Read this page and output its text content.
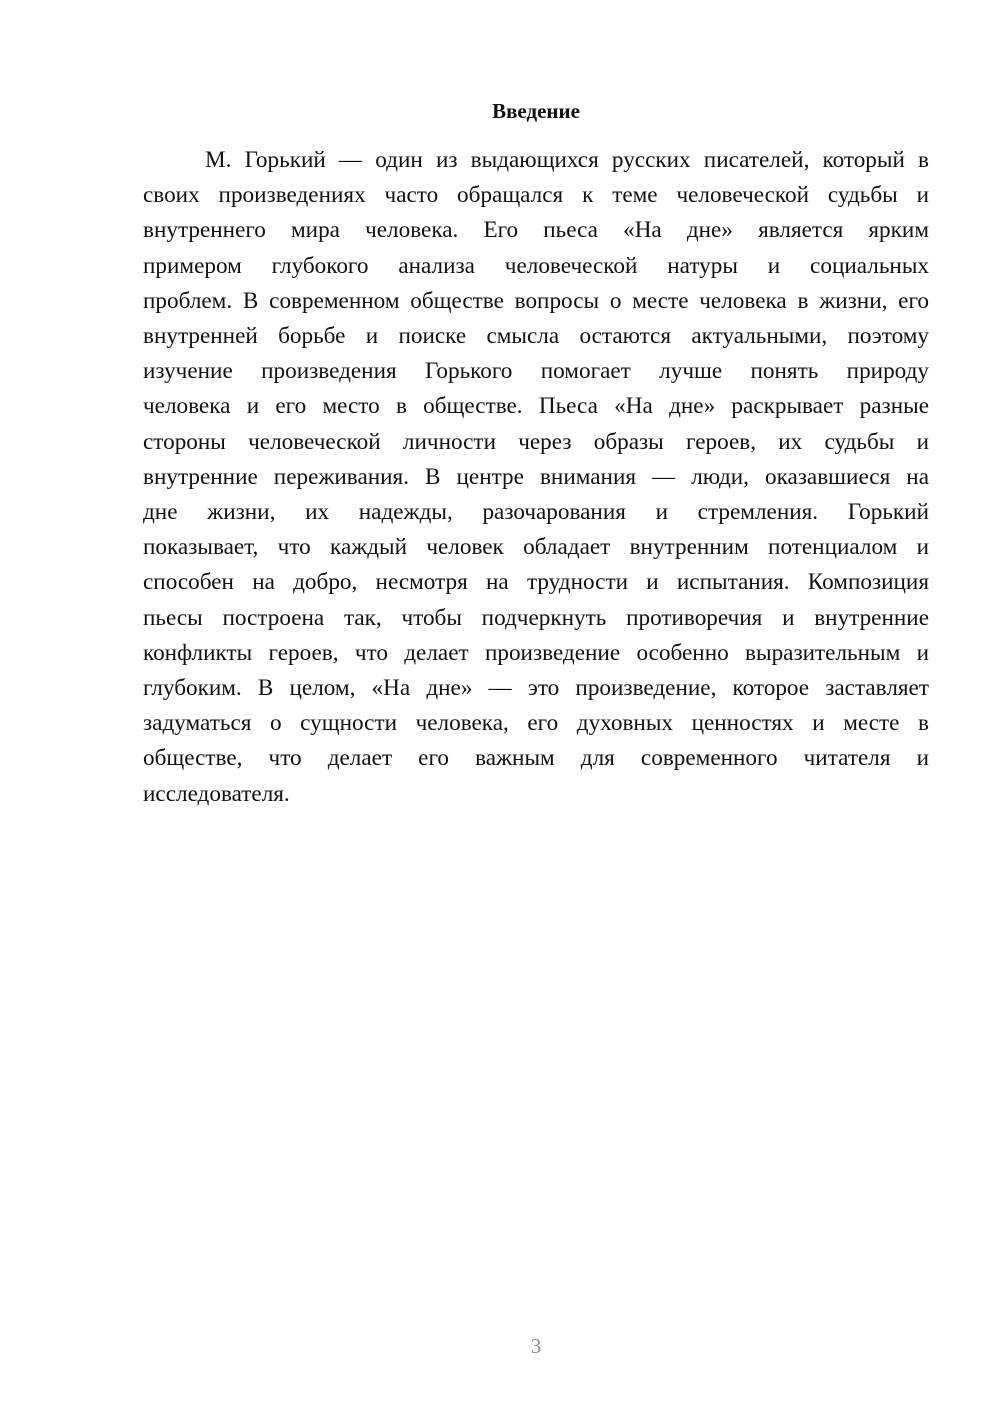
Введение
М. Горький — один из выдающихся русских писателей, который в
своих произведениях часто обращался к теме человеческой судьбы и
внутреннего мира человека. Его пьеса «На дне» является ярким
примером глубокого анализа человеческой натуры и социальных
проблем. В современном обществе вопросы о месте человека в жизни, его
внутренней борьбе и поиске смысла остаются актуальными, поэтому
изучение произведения Горького помогает лучше понять природу
человека и его место в обществе. Пьеса «На дне» раскрывает разные
стороны человеческой личности через образы героев, их судьбы и
внутренние переживания. В центре внимания — люди, оказавшиеся на
дне жизни, их надежды, разочарования и стремления. Горький
показывает, что каждый человек обладает внутренним потенциалом и
способен на добро, несмотря на трудности и испытания. Композиция
пьесы построена так, чтобы подчеркнуть противоречия и внутренние
конфликты героев, что делает произведение особенно выразительным и
глубоким. В целом, «На дне» — это произведение, которое заставляет
задуматься о сущности человека, его духовных ценностях и месте в
обществе, что делает его важным для современного читателя и
исследователя.
3
